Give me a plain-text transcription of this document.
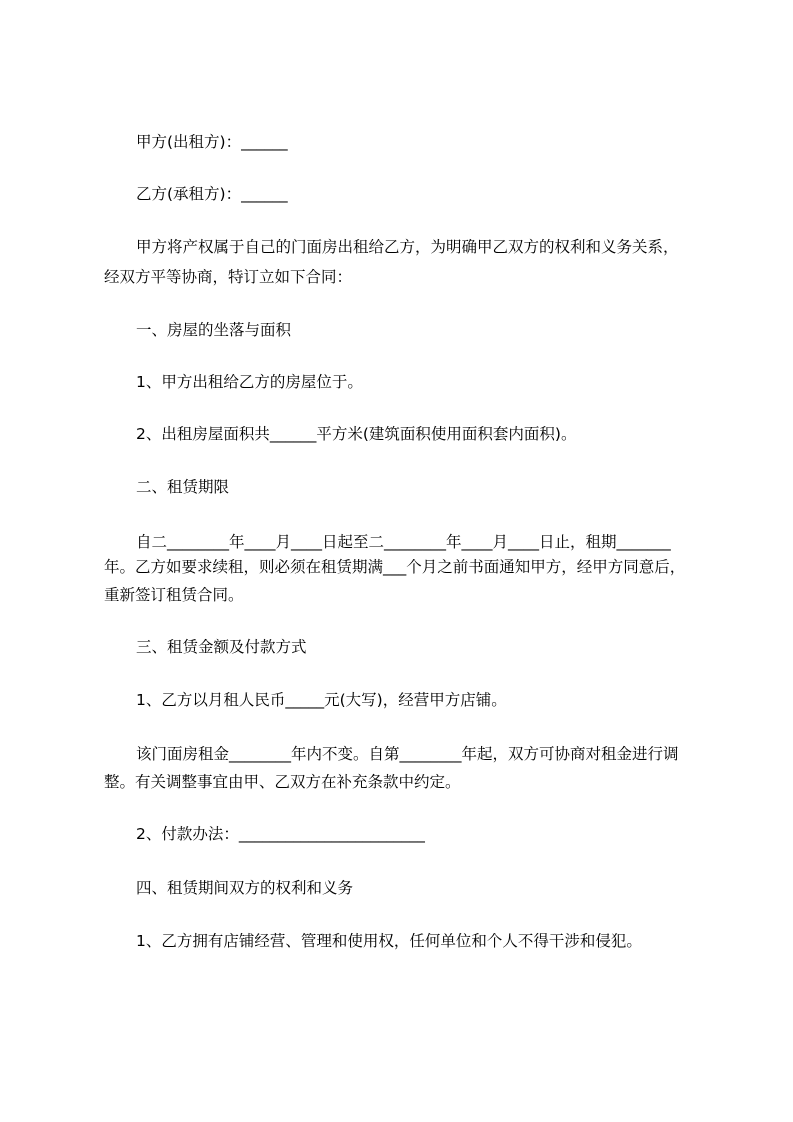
甲方(出租方)：______
乙方(承租方)：______
甲方将产权属于自己的门面房出租给乙方，为明确甲乙双方的权利和义务关系，
经双方平等协商，特订立如下合同：
一、房屋的坐落与面积
1、甲方出租给乙方的房屋位于。
2、出租房屋面积共______平方米(建筑面积使用面积套内面积)。
二、租赁期限
自二________年____月____日起至二________年____月____日止，租期_______
年。乙方如要求续租，则必须在租赁期满___个月之前书面通知甲方，经甲方同意后，
重新签订租赁合同。
三、租赁金额及付款方式
1、乙方以月租人民币_____元(大写)，经营甲方店铺。
该门面房租金________年内不变。自第________年起，双方可协商对租金进行调
整。有关调整事宜由甲、乙双方在补充条款中约定。
2、付款办法：________________________
四、租赁期间双方的权利和义务
1、乙方拥有店铺经营、管理和使用权，任何单位和个人不得干涉和侵犯。
